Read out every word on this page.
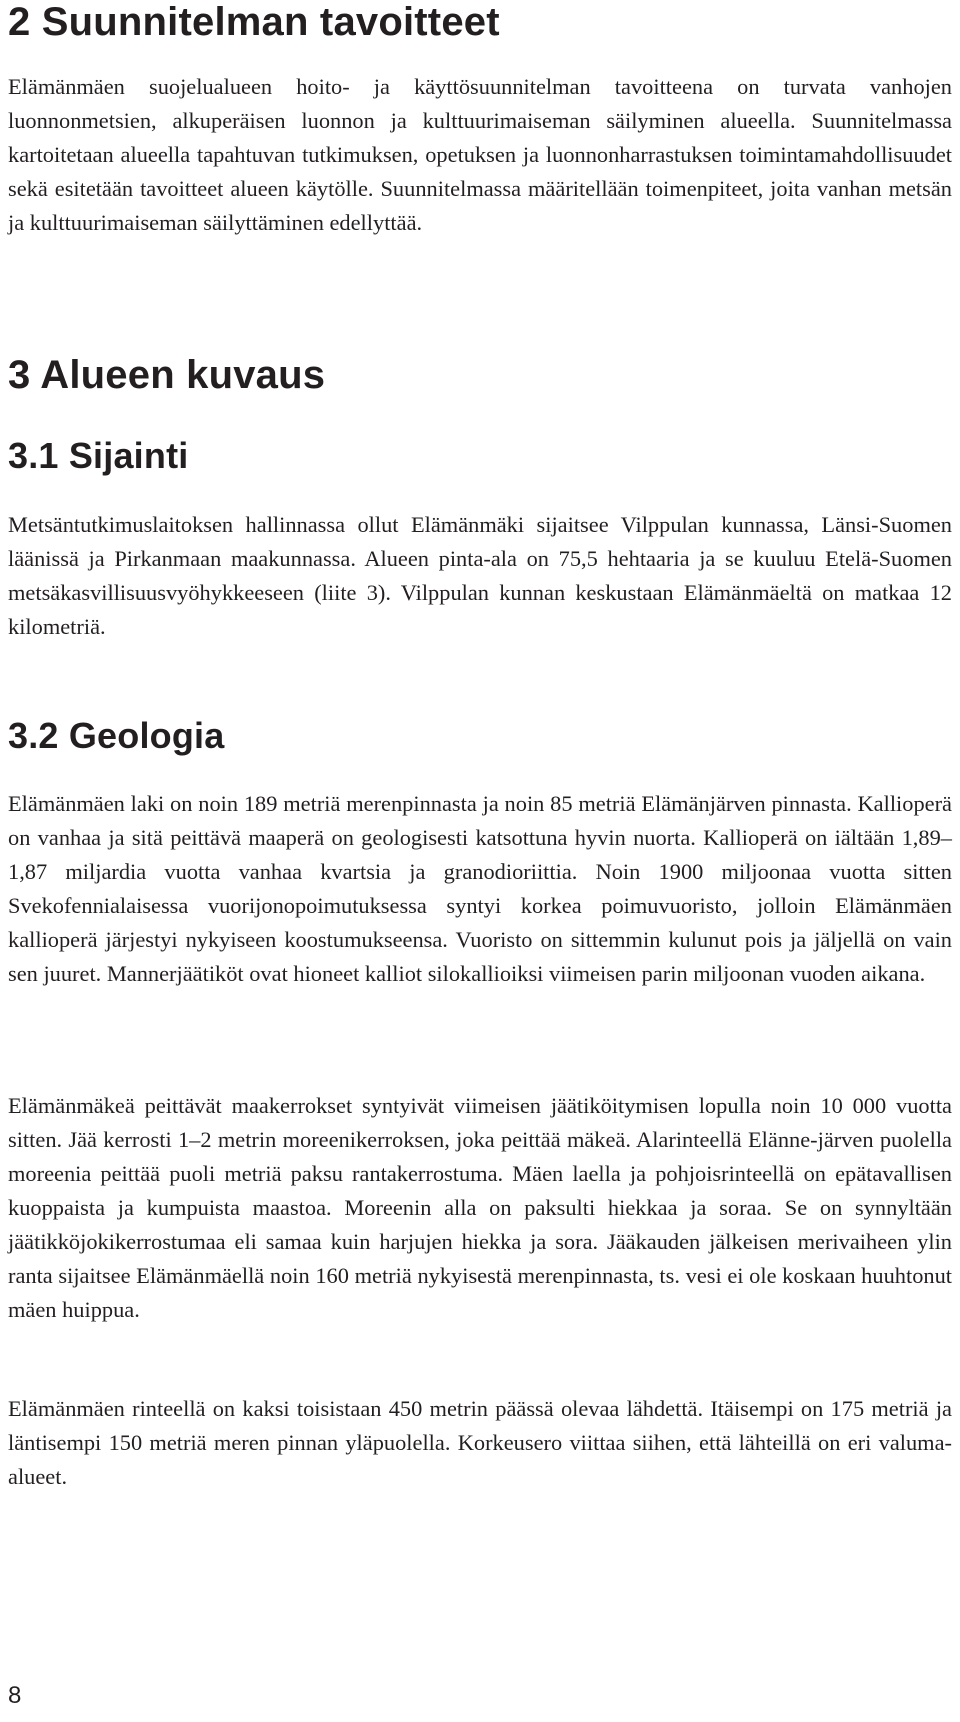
2 Suunnitelman tavoitteet

Elämänmäen suojelualueen hoito- ja käyttösuunnitelman tavoitteena on turvata vanhojen luonnonmetsien, alkuperäisen luonnon ja kulttuurimaiseman säilyminen alueella. Suunnitelmassa kartoitetaan alueella tapahtuvan tutkimuksen, opetuksen ja luonnonharrastuksen toimintamahdollisuudet sekä esitetään tavoitteet alueen käytölle. Suunnitelmassa määritellään toimenpiteet, joita vanhan metsän ja kulttuurimaiseman säilyttäminen edellyttää.

3 Alueen kuvaus
3.1 Sijainti

Metsäntutkimuslaitoksen hallinnassa ollut Elämänmäki sijaitsee Vilppulan kunnassa, Länsi-Suomen läänissä ja Pirkanmaan maakunnassa. Alueen pinta-ala on 75,5 hehtaaria ja se kuuluu Etelä-Suomen metsäkasvillisuusvyöhykkeeseen (liite 3). Vilppulan kunnan keskustaan Elämänmäeltä on matkaa 12 kilometriä.

3.2 Geologia

Elämänmäen laki on noin 189 metriä merenpinnasta ja noin 85 metriä Elämänjärven pinnasta. Kallioperä on vanhaa ja sitä peittävä maaperä on geologisesti katsottuna hyvin nuorta. Kallioperä on iältään 1,89–1,87 miljardia vuotta vanhaa kvartsia ja granodioriittia. Noin 1900 miljoonaa vuotta sitten Svekofennialaisessa vuorijonopoimutuksessa syntyi korkea poimuvuoristo, jolloin Elämänmäen kallioperä järjestyi nykyiseen koostumukseensa. Vuoristo on sittemmin kulunut pois ja jäljellä on vain sen juuret. Mannerjäätiköt ovat hioneet kalliot silokallioiksi viimeisen parin miljoonan vuoden aikana.

Elämänmäkeä peittävät maakerrokset syntyivät viimeisen jäätiköitymisen lopulla noin 10 000 vuotta sitten. Jää kerrosti 1–2 metrin moreenikerroksen, joka peittää mäkeä. Alarinteellä Elänne-järven puolella moreenia peittää puoli metriä paksu rantakerrostuma. Mäen laella ja pohjoisrinteellä on epätavallisen kuoppaista ja kumpuista maastoa. Moreenin alla on paksulti hiekkaa ja soraa. Se on synnyltään jäätikköjokikerrostumaa eli samaa kuin harjujen hiekka ja sora. Jääkauden jälkeisen merivaiheen ylin ranta sijaitsee Elämänmäellä noin 160 metriä nykyisestä merenpinnasta, ts. vesi ei ole koskaan huuhtonut mäen huippua.

Elämänmäen rinteellä on kaksi toisistaan 450 metrin päässä olevaa lähdettä. Itäisempi on 175 metriä ja läntisempi 150 metriä meren pinnan yläpuolella. Korkeusero viittaa siihen, että lähteillä on eri valuma-alueet.

8
